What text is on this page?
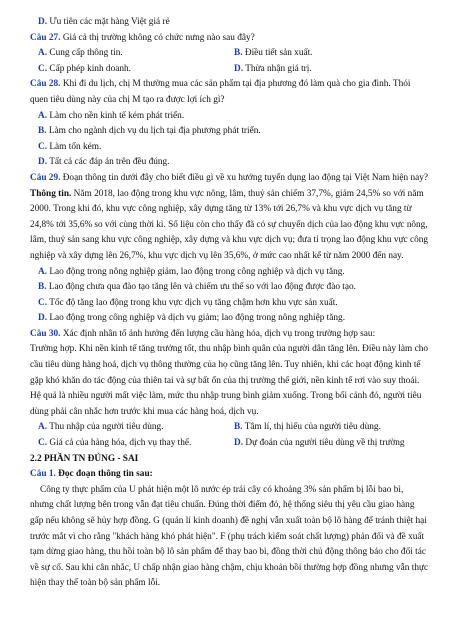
D. Ưu tiên các mặt hàng Việt giá rẻ
Câu 27. Giá cả thị trường không có chức nưng nào sau đây?
A. Cung cấp thông tin.	B. Điều tiết sản xuất.
C. Cấp phép kinh doanh.	D. Thừa nhận giá trị.
Câu 28. Khi đi du lịch, chị M thường mua các sản phẩm tại địa phương đó làm quà cho gia đình. Thói
quen tiêu dùng này của chị M tạo ra được lợi ích gì?
A. Làm cho nền kinh tế kém phát triển.
B. Làm cho ngành dịch vụ du lịch tại địa phương phát triển.
C. Làm tốn kém.
D. Tất cả các đáp án trên đều đúng.
Câu 29. Đoạn thông tin dưới đây cho biết điều gì về xu hướng tuyển dụng lao động tại Việt Nam hiện nay?
Thông tin. Năm 2018, lao động trong khu vực nông, lâm, thuỷ sản chiếm 37,7%, giảm 24,5% so với năm
2000. Trong khi đó, khu vực công nghiệp, xây dựng tăng từ 13% tới 26,7% và khu vực dịch vụ tăng từ
24,8% tới 35,6% so với cùng thời kì. Số liệu còn cho thấy đã có sự chuyển dịch của lao động khu vực nông,
lâm, thuỷ sản sang khu vực công nghiệp, xây dựng và khu vực dịch vụ; đưa tỉ trọng lao động khu vực công
nghiệp và xây dựng lên 26,7%, khu vực dịch vụ lên 35,6%, ở mức cao nhất kể từ năm 2000 đến nay.
A. Lao động trong nông nghiệp giảm, lao động trong công nghiệp và dịch vụ tăng.
B. Lao động chưa qua đào tạo tăng lên và chiếm ưu thế so với lao động được đào tạo.
C. Tốc độ tăng lao động trong khu vực dịch vụ tăng chậm hơn khu vực sản xuất.
D. Lao động trong công nghiệp và dịch vụ giảm; lao động trong nông nghiệp tăng.
Câu 30. Xác định nhân tố ảnh hưởng đến lượng cầu hàng hóa, dịch vụ trong trường hợp sau:
Trường hợp. Khi nền kinh tế tăng trưởng tốt, thu nhập bình quân của người dân tăng lên. Điều này làm cho
cầu tiêu dùng hàng hoá, dịch vụ thông thường của họ cũng tăng lên. Tuy nhiên, khi các hoạt động kinh tế
gặp khó khăn do tác động của thiên tai và sự bất ổn của thị trường thế giới, nền kinh tế rơi vào suy thoái.
Hệ quả là nhiều người mất việc làm, mức thu nhập trung bình giảm xuống. Trong bối cảnh đó, người tiêu
dùng phải cân nhắc hơn trước khi mua các hàng hoá, dịch vụ.
A. Thu nhập của người tiêu dùng.	B. Tâm lí, thị hiếu của người tiêu dùng.
C. Giá cả của hàng hóa, dịch vụ thay thế.	D. Dự đoán của người tiêu dùng về thị trường
2.2 PHẦN TN ĐÚNG - SAI
Câu 1. Đọc đoạn thông tin sau:
Công ty thực phẩm của U phát hiện một lô nước ép trái cây có khoảng 3% sản phẩm bị lỗi bao bì,
nhưng chất lượng bên trong vẫn đạt tiêu chuẩn. Đúng thời điểm đó, hệ thống siêu thị yêu cầu giao hàng
gấp nếu không sẽ hủy hợp đồng. G (quản lí kinh doanh) đề nghị vẫn xuất toàn bộ lô hàng để tránh thiệt hại
trước mắt vì cho rằng "khách hàng khó phát hiện". F (phụ trách kiểm soát chất lượng) phản đối và đề xuất
tạm dừng giao hàng, thu hồi toàn bộ lô sản phẩm để thay bao bì, đồng thời chủ động thông báo cho đối tác
về sự cố. Sau khi cân nhắc, U chấp nhận giao hàng chậm, chịu khoản bồi thường hợp đồng nhưng vẫn thực
hiện thay thế toàn bộ sản phẩm lỗi.
